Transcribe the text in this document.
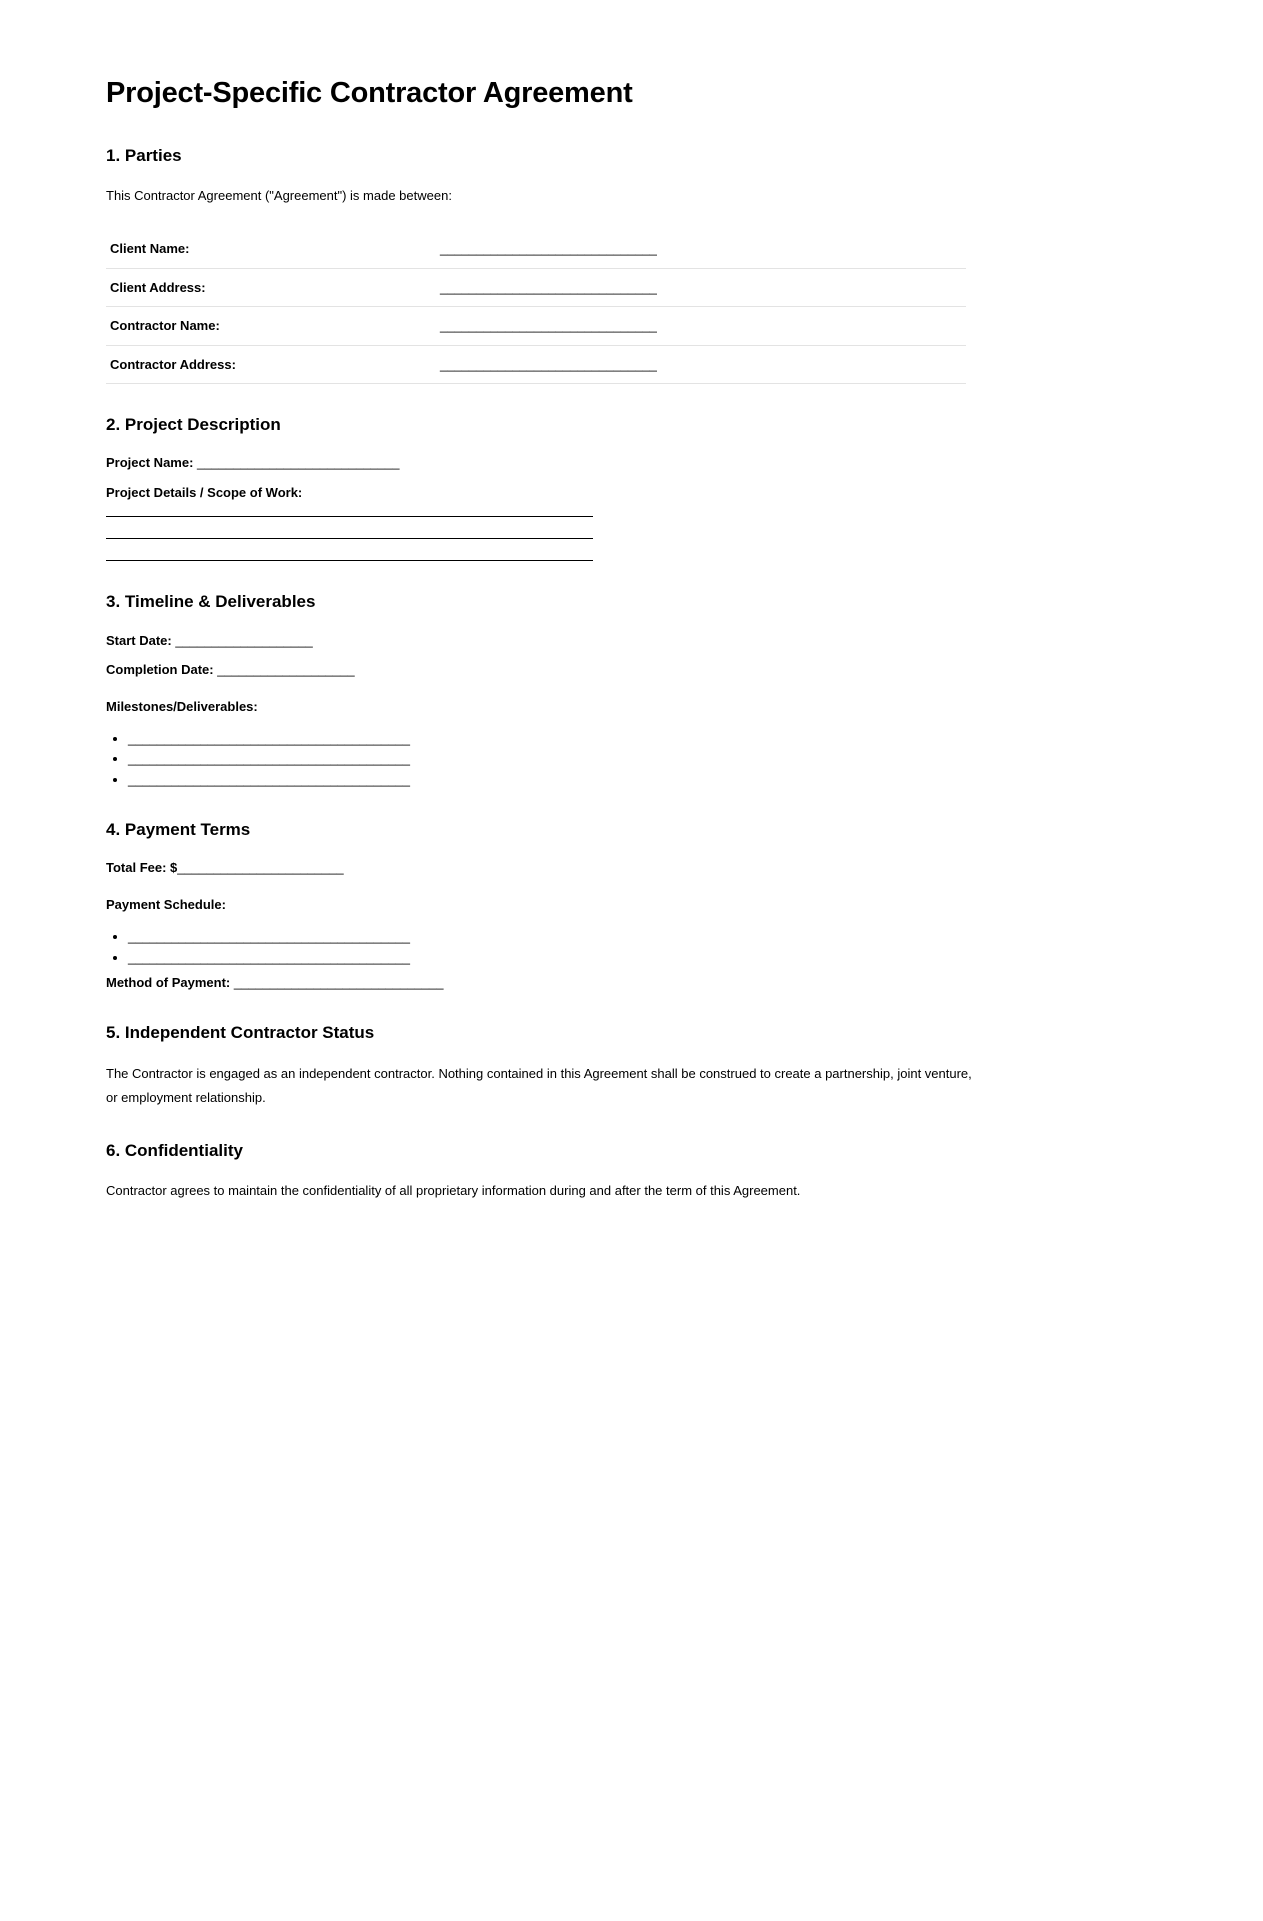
Project-Specific Contractor Agreement
1. Parties

This Contractor Agreement ("Agreement") is made between:

Client Name:	______________________________
Client Address:	______________________________
Contractor Name:	______________________________
Contractor Address:	______________________________
2. Project Description

Project Name: ____________________________

Project Details / Scope of Work:

3. Timeline & Deliverables

Start Date: ___________________

Completion Date: ___________________

Milestones/Deliverables:

• _______________________________________
• _______________________________________
• _______________________________________
4. Payment Terms

Total Fee: $_______________________

Payment Schedule:

• _______________________________________
• _______________________________________

Method of Payment: _____________________________

5. Independent Contractor Status

The Contractor is engaged as an independent contractor. Nothing contained in this Agreement shall be construed to create a partnership, joint venture, or employment relationship.

6. Confidentiality

Contractor agrees to maintain the confidentiality of all proprietary information during and after the term of this Agreement.
